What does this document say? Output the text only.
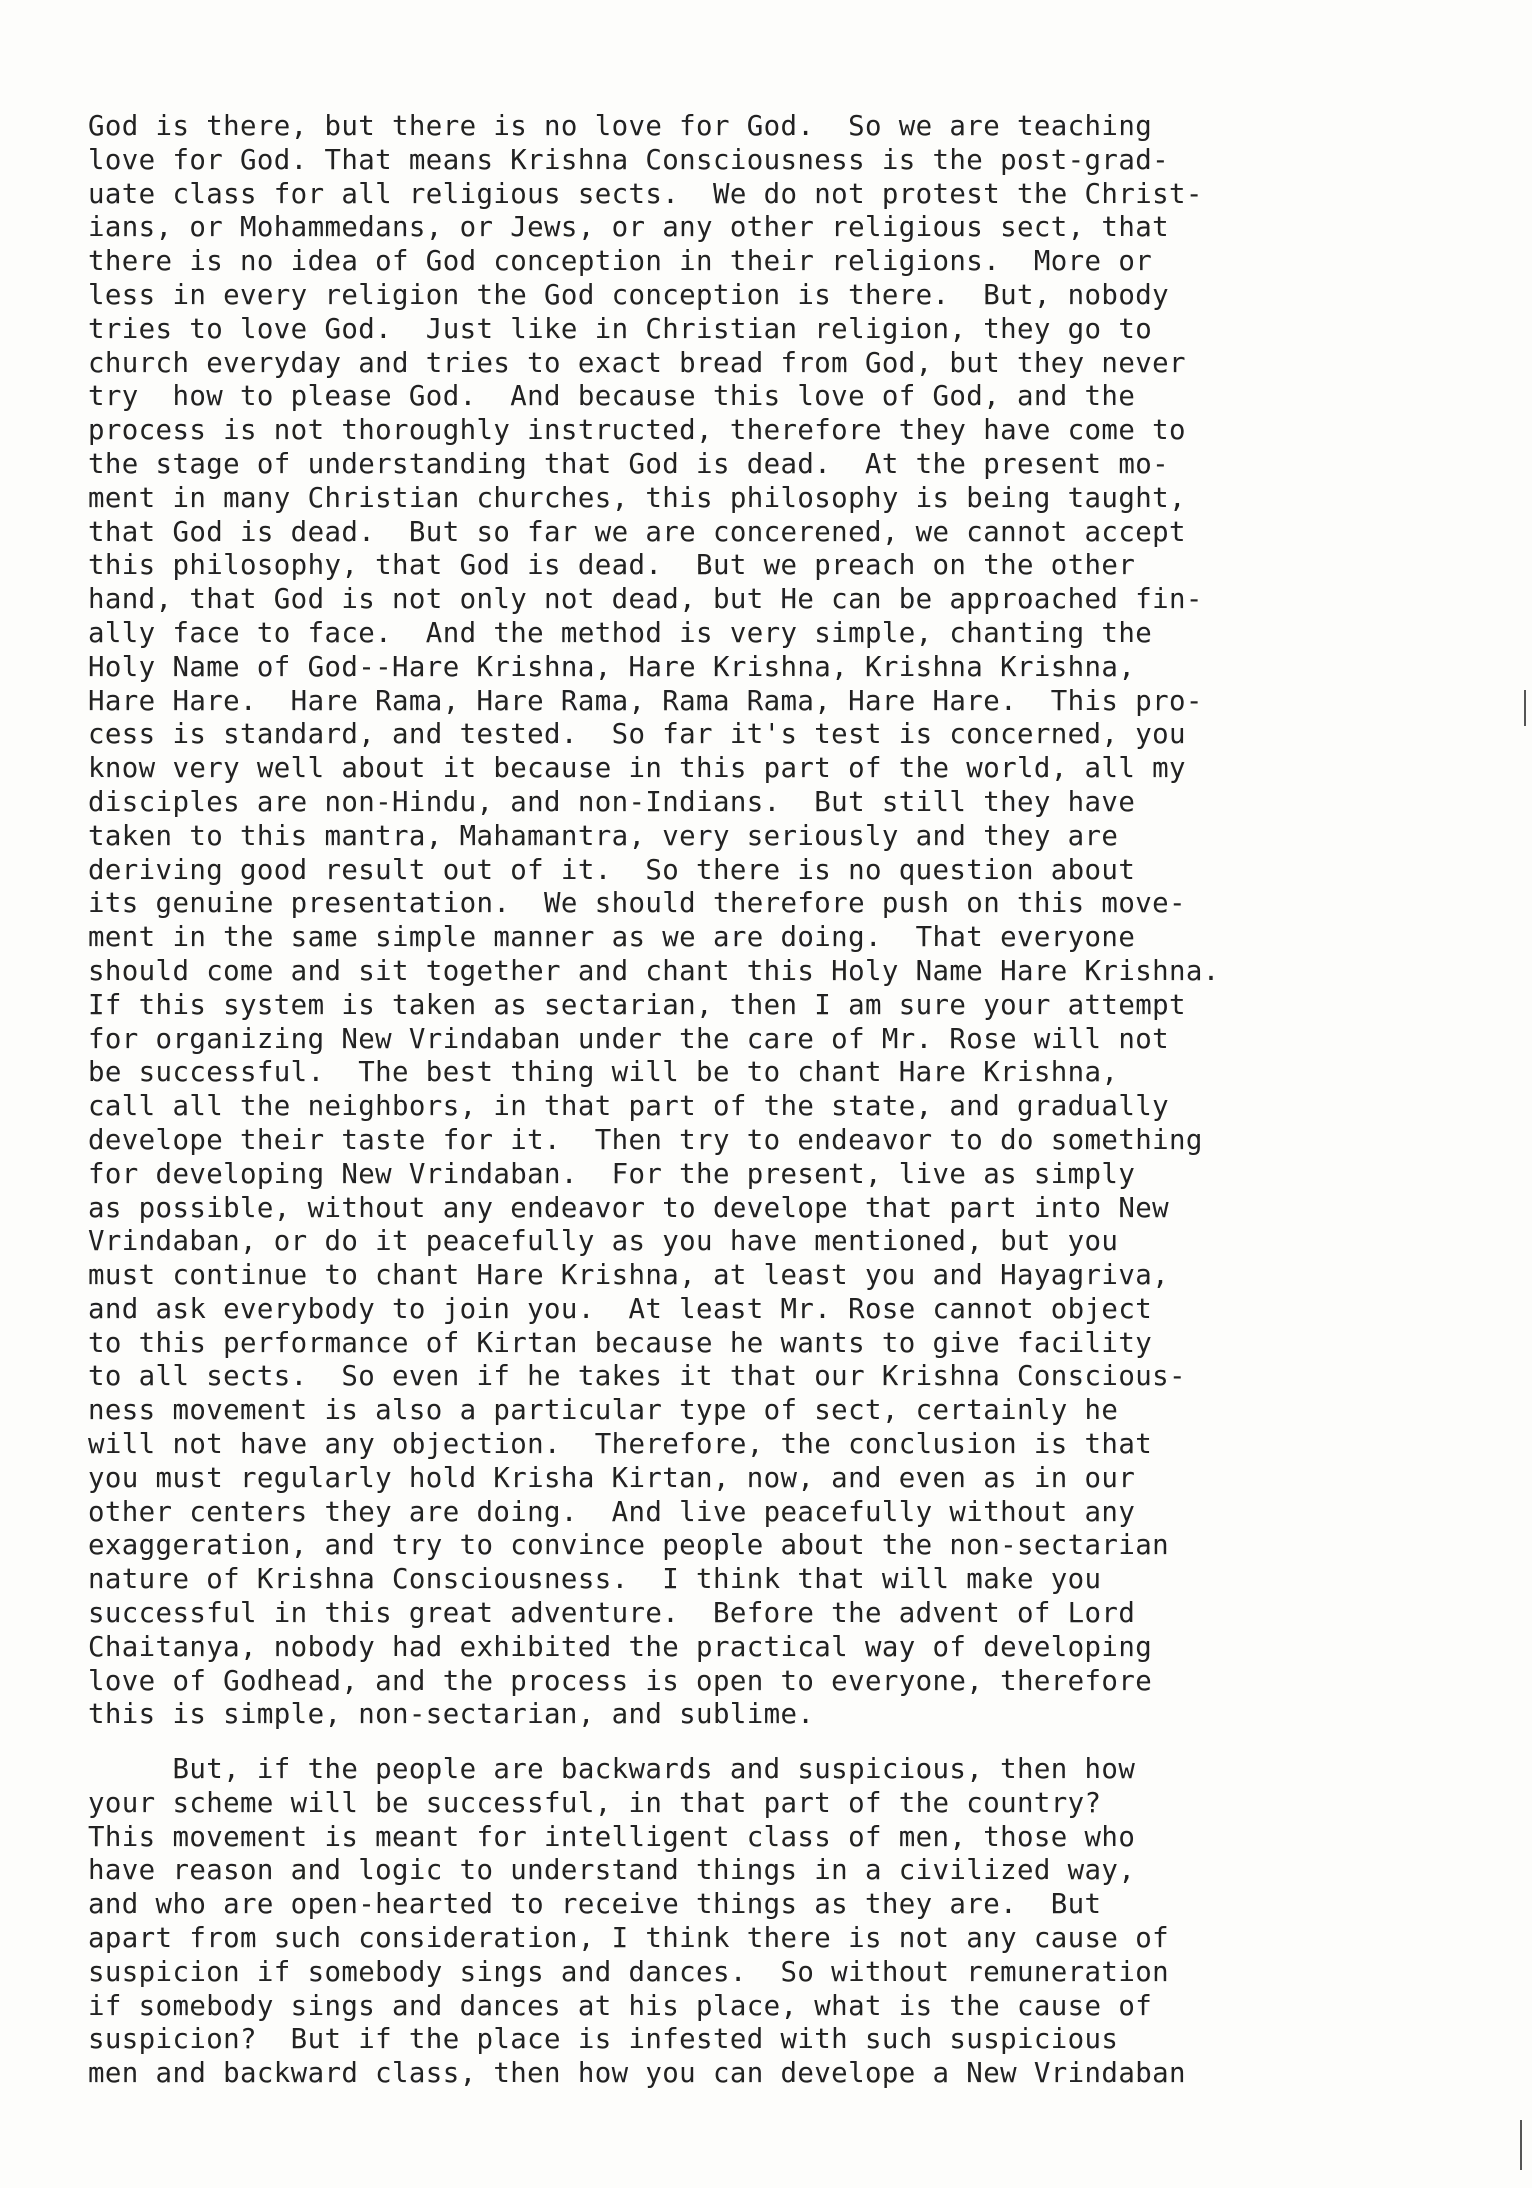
God is there, but there is no love for God.  So we are teaching
love for God. That means Krishna Consciousness is the post-grad-
uate class for all religious sects.  We do not protest the Christ-
ians, or Mohammedans, or Jews, or any other religious sect, that
there is no idea of God conception in their religions.  More or
less in every religion the God conception is there.  But, nobody
tries to love God.  Just like in Christian religion, they go to
church everyday and tries to exact bread from God, but they never
try  how to please God.  And because this love of God, and the
process is not thoroughly instructed, therefore they have come to
the stage of understanding that God is dead.  At the present mo-
ment in many Christian churches, this philosophy is being taught,
that God is dead.  But so far we are concerened, we cannot accept
this philosophy, that God is dead.  But we preach on the other
hand, that God is not only not dead, but He can be approached fin-
ally face to face.  And the method is very simple, chanting the
Holy Name of God--Hare Krishna, Hare Krishna, Krishna Krishna,
Hare Hare.  Hare Rama, Hare Rama, Rama Rama, Hare Hare.  This pro-
cess is standard, and tested.  So far it's test is concerned, you
know very well about it because in this part of the world, all my
disciples are non-Hindu, and non-Indians.  But still they have
taken to this mantra, Mahamantra, very seriously and they are
deriving good result out of it.  So there is no question about
its genuine presentation.  We should therefore push on this move-
ment in the same simple manner as we are doing.  That everyone
should come and sit together and chant this Holy Name Hare Krishna.
If this system is taken as sectarian, then I am sure your attempt
for organizing New Vrindaban under the care of Mr. Rose will not
be successful.  The best thing will be to chant Hare Krishna,
call all the neighbors, in that part of the state, and gradually
develope their taste for it.  Then try to endeavor to do something
for developing New Vrindaban.  For the present, live as simply
as possible, without any endeavor to develope that part into New
Vrindaban, or do it peacefully as you have mentioned, but you
must continue to chant Hare Krishna, at least you and Hayagriva,
and ask everybody to join you.  At least Mr. Rose cannot object
to this performance of Kirtan because he wants to give facility
to all sects.  So even if he takes it that our Krishna Conscious-
ness movement is also a particular type of sect, certainly he
will not have any objection.  Therefore, the conclusion is that
you must regularly hold Krisha Kirtan, now, and even as in our
other centers they are doing.  And live peacefully without any
exaggeration, and try to convince people about the non-sectarian
nature of Krishna Consciousness.  I think that will make you
successful in this great adventure.  Before the advent of Lord
Chaitanya, nobody had exhibited the practical way of developing
love of Godhead, and the process is open to everyone, therefore
this is simple, non-sectarian, and sublime.
But, if the people are backwards and suspicious, then how
your scheme will be successful, in that part of the country?
This movement is meant for intelligent class of men, those who
have reason and logic to understand things in a civilized way,
and who are open-hearted to receive things as they are.  But
apart from such consideration, I think there is not any cause of
suspicion if somebody sings and dances.  So without remuneration
if somebody sings and dances at his place, what is the cause of
suspicion?  But if the place is infested with such suspicious
men and backward class, then how you can develope a New Vrindaban
